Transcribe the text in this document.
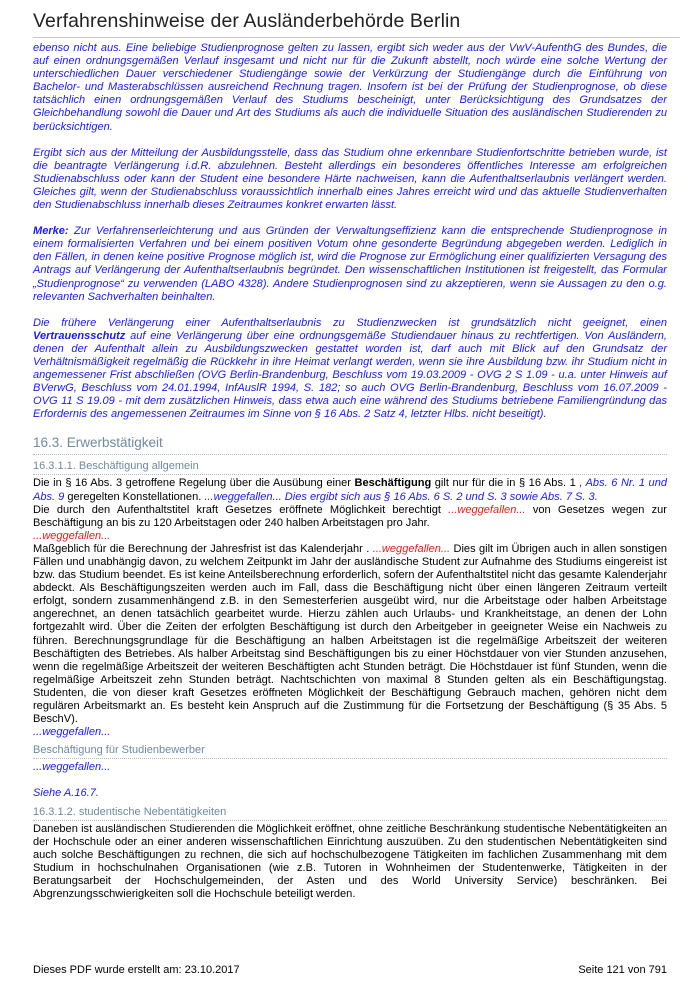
Verfahrenshinweise der Ausländerbehörde Berlin

ebenso nicht aus. Eine beliebige Studienprognose gelten zu lassen, ergibt sich weder aus der VwV-AufenthG des Bundes, die auf einen ordnungsgemäßen Verlauf insgesamt und nicht nur für die Zukunft abstellt, noch würde eine solche Wertung der unterschiedlichen Dauer verschiedener Studiengänge sowie der Verkürzung der Studiengänge durch die Einführung von Bachelor- und Masterabschlüssen ausreichend Rechnung tragen. Insofern ist bei der Prüfung der Studienprognose, ob diese tatsächlich einen ordnungsgemäßen Verlauf des Studiums bescheinigt, unter Berücksichtigung des Grundsatzes der Gleichbehandlung sowohl die Dauer und Art des Studiums als auch die individuelle Situation des ausländischen Studierenden zu berücksichtigen.

Ergibt sich aus der Mitteilung der Ausbildungsstelle, dass das Studium ohne erkennbare Studienfortschritte betrieben wurde, ist die beantragte Verlängerung i.d.R. abzulehnen. Besteht allerdings ein besonderes öffentliches Interesse am erfolgreichen Studienabschluss oder kann der Student eine besondere Härte nachweisen, kann die Aufenthaltserlaubnis verlängert werden. Gleiches gilt, wenn der Studienabschluss voraussichtlich innerhalb eines Jahres erreicht wird und das aktuelle Studienverhalten den Studienabschluss innerhalb dieses Zeitraumes konkret erwarten lässt.

Merke: Zur Verfahrenserleichterung und aus Gründen der Verwaltungseffizienz kann die entsprechende Studienprognose in einem formalisierten Verfahren und bei einem positiven Votum ohne gesonderte Begründung abgegeben werden. Lediglich in den Fällen, in denen keine positive Prognose möglich ist, wird die Prognose zur Ermöglichung einer qualifizierten Versagung des Antrags auf Verlängerung der Aufenthaltserlaubnis begründet. Den wissenschaftlichen Institutionen ist freigestellt, das Formular „Studienprognose“ zu verwenden (LABO 4328). Andere Studienprognosen sind zu akzeptieren, wenn sie Aussagen zu den o.g. relevanten Sachverhalten beinhalten.

Die frühere Verlängerung einer Aufenthaltserlaubnis zu Studienzwecken ist grundsätzlich nicht geeignet, einen Vertrauensschutz auf eine Verlängerung über eine ordnungsgemäße Studiendauer hinaus zu rechtfertigen. Von Ausländern, denen der Aufenthalt allein zu Ausbildungszwecken gestattet worden ist, darf auch mit Blick auf den Grundsatz der Verhältnismäßigkeit regelmäßig die Rückkehr in ihre Heimat verlangt werden, wenn sie ihre Ausbildung bzw. ihr Studium nicht in angemessener Frist abschließen (OVG Berlin-Brandenburg, Beschluss vom 19.03.2009 - OVG 2 S 1.09 - u.a. unter Hinweis auf BVerwG, Beschluss vom 24.01.1994, InfAuslR 1994, S. 182; so auch OVG Berlin-Brandenburg, Beschluss vom 16.07.2009 - OVG 11 S 19.09 - mit dem zusätzlichen Hinweis, dass etwa auch eine während des Studiums betriebene Familiengründung das Erfordernis des angemessenen Zeitraumes im Sinne von § 16 Abs. 2 Satz 4, letzter Hlbs. nicht beseitigt).

16.3. Erwerbstätigkeit
16.3.1.1. Beschäftigung allgemein

Die in § 16 Abs. 3 getroffene Regelung über die Ausübung einer Beschäftigung gilt nur für die in § 16 Abs. 1 , Abs. 6 Nr. 1 und Abs. 9 geregelten Konstellationen. ...weggefallen... Dies ergibt sich aus § 16 Abs. 6 S. 2 und S. 3 sowie Abs. 7 S. 3.

Die durch den Aufenthaltstitel kraft Gesetzes eröffnete Möglichkeit berechtigt ...weggefallen... von Gesetzes wegen zur Beschäftigung an bis zu 120 Arbeitstagen oder 240 halben Arbeitstagen pro Jahr.

...weggefallen...

Maßgeblich für die Berechnung der Jahresfrist ist das Kalenderjahr . ...weggefallen... Dies gilt im Übrigen auch in allen sonstigen Fällen und unabhängig davon, zu welchem Zeitpunkt im Jahr der ausländische Student zur Aufnahme des Studiums eingereist ist bzw. das Studium beendet. Es ist keine Anteilsberechnung erforderlich, sofern der Aufenthaltstitel nicht das gesamte Kalenderjahr abdeckt. Als Beschäftigungszeiten werden auch im Fall, dass die Beschäftigung nicht über einen längeren Zeitraum verteilt erfolgt, sondern zusammenhängend z.B. in den Semesterferien ausgeübt wird, nur die Arbeitstage oder halben Arbeitstage angerechnet, an denen tatsächlich gearbeitet wurde. Hierzu zählen auch Urlaubs- und Krankheitstage, an denen der Lohn fortgezahlt wird. Über die Zeiten der erfolgten Beschäftigung ist durch den Arbeitgeber in geeigneter Weise ein Nachweis zu führen. Berechnungsgrundlage für die Beschäftigung an halben Arbeitstagen ist die regelmäßige Arbeitszeit der weiteren Beschäftigten des Betriebes. Als halber Arbeitstag sind Beschäftigungen bis zu einer Höchstdauer von vier Stunden anzusehen, wenn die regelmäßige Arbeitszeit der weiteren Beschäftigten acht Stunden beträgt. Die Höchstdauer ist fünf Stunden, wenn die regelmäßige Arbeitszeit zehn Stunden beträgt. Nachtschichten von maximal 8 Stunden gelten als ein Beschäftigungstag. Studenten, die von dieser kraft Gesetzes eröffneten Möglichkeit der Beschäftigung Gebrauch machen, gehören nicht dem regulären Arbeitsmarkt an. Es besteht kein Anspruch auf die Zustimmung für die Fortsetzung der Beschäftigung (§ 35 Abs. 5 BeschV).

...weggefallen...

Beschäftigung für Studienbewerber

...weggefallen...

Siehe A.16.7.

16.3.1.2. studentische Nebentätigkeiten

Daneben ist ausländischen Studierenden die Möglichkeit eröffnet, ohne zeitliche Beschränkung studentische Nebentätigkeiten an der Hochschule oder an einer anderen wissenschaftlichen Einrichtung auszuüben. Zu den studentischen Nebentätigkeiten sind auch solche Beschäftigungen zu rechnen, die sich auf hochschulbezogene Tätigkeiten im fachlichen Zusammenhang mit dem Studium in hochschulnahen Organisationen (wie z.B. Tutoren in Wohnheimen der Studentenwerke, Tätigkeiten in der Beratungsarbeit der Hochschulgemeinden, der Asten und des World University Service) beschränken. Bei Abgrenzungsschwierigkeiten soll die Hochschule beteiligt werden.

Dieses PDF wurde erstellt am: 23.10.2017	Seite 121 von 791
